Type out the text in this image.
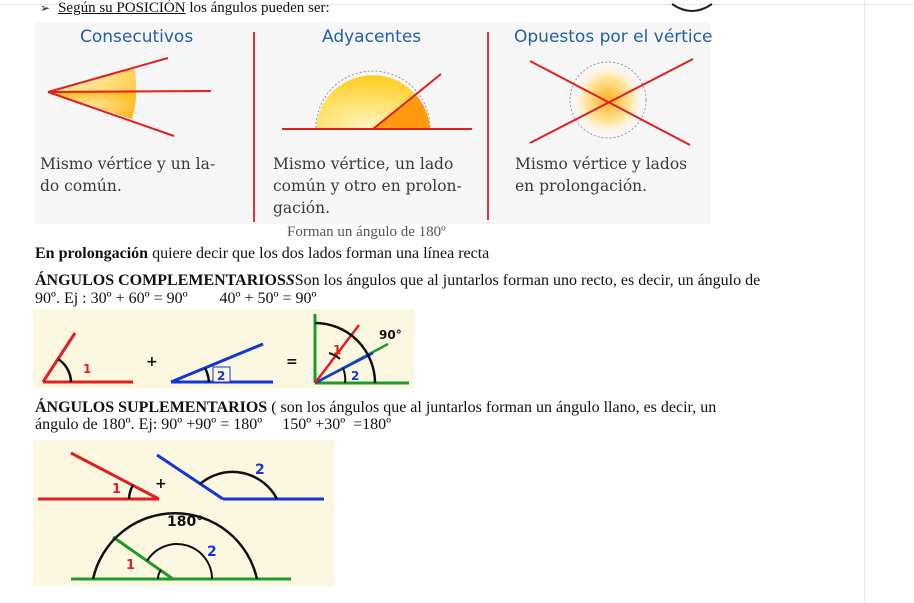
➢ Según su POSICIÓN los ángulos pueden ser:
Consecutivos	Adyacentes	Opuestos por el vértice
Mismo vértice y un la-
do común.
Mismo vértice, un lado
común y otro en prolon-
gación.
Mismo vértice y lados
en prolongación.
Forman un ángulo de 180º
En prolongación quiere decir que los dos lados forman una línea recta
ÁNGULOS COMPLEMENTARIOSSSon los ángulos que al juntarlos forman uno recto, es decir, un ángulo de
90º. Ej : 30º + 60º = 90º        40º + 50º = 90º
1	+
2
=
1
2
90°
ÁNGULOS SUPLEMENTARIOS ( son los ángulos que al juntarlos forman un ángulo llano, es decir, un
ángulo de 180º. Ej: 90º +90º = 180º     150º +30º  =180º
1 +
2
180°
1
2
